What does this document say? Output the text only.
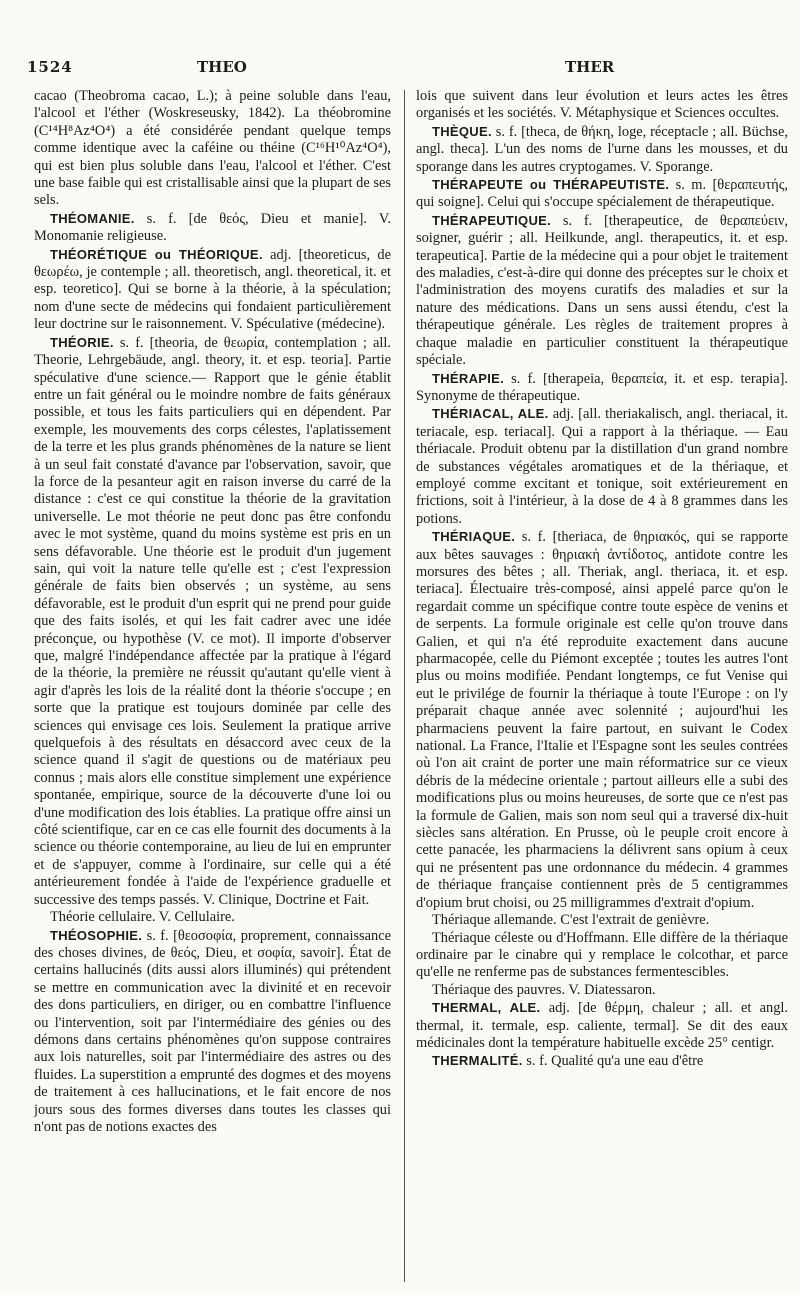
1524	THEO	THER

cacao (Theobroma cacao, L.); à peine soluble dans l'eau, l'alcool et l'éther (Woskreseusky, 1842). La théobromine (C¹⁴H⁸Az⁴O⁴) a été considérée pendant quelque temps comme identique avec la caféine ou théine (C¹⁶H¹⁰Az⁴O⁴), qui est bien plus soluble dans l'eau, l'alcool et l'éther. C'est une base faible qui est cristallisable ainsi que la plupart de ses sels.

THÉOMANIE. s. f. [de θεός, Dieu et manie]. V. Monomanie religieuse.

THÉORÉTIQUE ou THÉORIQUE. adj. [theoreticus, de θεωρέω, je contemple ; all. theoretisch, angl. theoretical, it. et esp. teoretico]. Qui se borne à la théorie, à la spéculation; nom d'une secte de médecins qui fondaient particulièrement leur doctrine sur le raisonnement. V. Spéculative (médecine).

THÉORIE. s. f. [theoria, de θεωρία, contemplation ; all. Theorie, Lehrgebäude, angl. theory, it. et esp. teoria]. Partie spéculative d'une science.— Rapport que le génie établit entre un fait général ou le moindre nombre de faits généraux possible, et tous les faits particuliers qui en dépendent. Par exemple, les mouvements des corps célestes, l'aplatissement de la terre et les plus grands phénomènes de la nature se lient à un seul fait constaté d'avance par l'observation, savoir, que la force de la pesanteur agit en raison inverse du carré de la distance : c'est ce qui constitue la théorie de la gravitation universelle. Le mot théorie ne peut donc pas être confondu avec le mot système, quand du moins système est pris en un sens défavorable. Une théorie est le produit d'un jugement sain, qui voit la nature telle qu'elle est ; c'est l'expression générale de faits bien observés ; un système, au sens défavorable, est le produit d'un esprit qui ne prend pour guide que des faits isolés, et qui les fait cadrer avec une idée préconçue, ou hypothèse (V. ce mot). Il importe d'observer que, malgré l'indépendance affectée par la pratique à l'égard de la théorie, la première ne réussit qu'autant qu'elle vient à agir d'après les lois de la réalité dont la théorie s'occupe ; en sorte que la pratique est toujours dominée par celle des sciences qui envisage ces lois. Seulement la pratique arrive quelquefois à des résultats en désaccord avec ceux de la science quand il s'agit de questions ou de matériaux peu connus ; mais alors elle constitue simplement une expérience spontanée, empirique, source de la découverte d'une loi ou d'une modification des lois établies. La pratique offre ainsi un côté scientifique, car en ce cas elle fournit des documents à la science ou théorie contemporaine, au lieu de lui en emprunter et de s'appuyer, comme à l'ordinaire, sur celle qui a été antérieurement fondée à l'aide de l'expérience graduelle et successive des temps passés. V. Clinique, Doctrine et Fait.

Théorie cellulaire. V. Cellulaire.

THÉOSOPHIE. s. f. [θεοσοφία, proprement, connaissance des choses divines, de θεός, Dieu, et σοφία, savoir]. État de certains hallucinés (dits aussi alors illuminés) qui prétendent se mettre en communication avec la divinité et en recevoir des dons particuliers, en diriger, ou en combattre l'influence ou l'intervention, soit par l'intermédiaire des génies ou des démons dans certains phénomènes qu'on suppose contraires aux lois naturelles, soit par l'intermédiaire des astres ou des fluides. La superstition a emprunté des dogmes et des moyens de traitement à ces hallucinations, et le fait encore de nos jours sous des formes diverses dans toutes les classes qui n'ont pas de notions exactes des

lois que suivent dans leur évolution et leurs actes les êtres organisés et les sociétés. V. Métaphysique et Sciences occultes.

THÈQUE. s. f. [theca, de θήκη, loge, réceptacle ; all. Büchse, angl. theca]. L'un des noms de l'urne dans les mousses, et du sporange dans les autres cryptogames. V. Sporange.

THÉRAPEUTE ou THÉRAPEUTISTE. s. m. [θεραπευτής, qui soigne]. Celui qui s'occupe spécialement de thérapeutique.

THÉRAPEUTIQUE. s. f. [therapeutice, de θεραπεύειν, soigner, guérir ; all. Heilkunde, angl. therapeutics, it. et esp. terapeutica]. Partie de la médecine qui a pour objet le traitement des maladies, c'est-à-dire qui donne des préceptes sur le choix et l'administration des moyens curatifs des maladies et sur la nature des médications. Dans un sens aussi étendu, c'est la thérapeutique générale. Les règles de traitement propres à chaque maladie en particulier constituent la thérapeutique spéciale.

THÉRAPIE. s. f. [therapeia, θεραπεία, it. et esp. terapia]. Synonyme de thérapeutique.

THÉRIACAL, ALE. adj. [all. theriakalisch, angl. theriacal, it. teriacale, esp. teriacal]. Qui a rapport à la thériaque. — Eau thériacale. Produit obtenu par la distillation d'un grand nombre de substances végétales aromatiques et de la thériaque, et employé comme excitant et tonique, soit extérieurement en frictions, soit à l'intérieur, à la dose de 4 à 8 grammes dans les potions.

THÉRIAQUE. s. f. [theriaca, de θηριακός, qui se rapporte aux bêtes sauvages : θηριακὴ ἀντίδοτος, antidote contre les morsures des bêtes ; all. Theriak, angl. theriaca, it. et esp. teriaca]. Électuaire très-composé, ainsi appelé parce qu'on le regardait comme un spécifique contre toute espèce de venins et de serpents. La formule originale est celle qu'on trouve dans Galien, et qui n'a été reproduite exactement dans aucune pharmacopée, celle du Piémont exceptée ; toutes les autres l'ont plus ou moins modifiée. Pendant longtemps, ce fut Venise qui eut le privilége de fournir la thériaque à toute l'Europe : on l'y préparait chaque année avec solennité ; aujourd'hui les pharmaciens peuvent la faire partout, en suivant le Codex national. La France, l'Italie et l'Espagne sont les seules contrées où l'on ait craint de porter une main réformatrice sur ce vieux débris de la médecine orientale ; partout ailleurs elle a subi des modifications plus ou moins heureuses, de sorte que ce n'est pas la formule de Galien, mais son nom seul qui a traversé dix-huit siècles sans altération. En Prusse, où le peuple croit encore à cette panacée, les pharmaciens la délivrent sans opium à ceux qui ne présentent pas une ordonnance du médecin. 4 grammes de thériaque française contiennent près de 5 centigrammes d'opium brut choisi, ou 25 milligrammes d'extrait d'opium.

Thériaque allemande. C'est l'extrait de genièvre.

Thériaque céleste ou d'Hoffmann. Elle diffère de la thériaque ordinaire par le cinabre qui y remplace le colcothar, et parce qu'elle ne renferme pas de substances fermentescibles.

Thériaque des pauvres. V. Diatessaron.

THERMAL, ALE. adj. [de θέρμη, chaleur ; all. et angl. thermal, it. termale, esp. caliente, termal]. Se dit des eaux médicinales dont la température habituelle excède 25° centigr.

THERMALITÉ. s. f. Qualité qu'a une eau d'être
